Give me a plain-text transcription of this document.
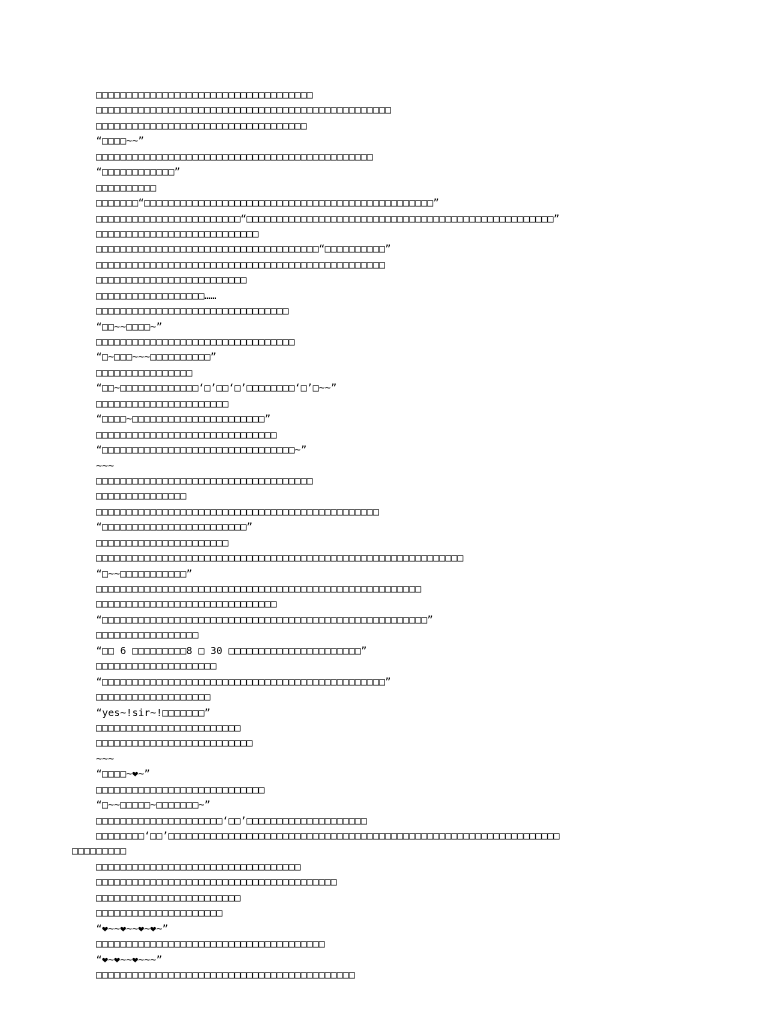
□□□□□□□□□□□□□□□□□□□□□□□□□□□□□□□□□□□□
□□□□□□□□□□□□□□□□□□□□□□□□□□□□□□□□□□□□□□□□□□□□□□□□□
□□□□□□□□□□□□□□□□□□□□□□□□□□□□□□□□□□□
“□□□□~~”
□□□□□□□□□□□□□□□□□□□□□□□□□□□□□□□□□□□□□□□□□□□□□□
“□□□□□□□□□□□□”
□□□□□□□□□□
□□□□□□□“□□□□□□□□□□□□□□□□□□□□□□□□□□□□□□□□□□□□□□□□□□□□□□□□”
□□□□□□□□□□□□□□□□□□□□□□□□“□□□□□□□□□□□□□□□□□□□□□□□□□□□□□□□□□□□□□□□□□□□□□□□□□□□”
□□□□□□□□□□□□□□□□□□□□□□□□□□□
□□□□□□□□□□□□□□□□□□□□□□□□□□□□□□□□□□□□□“□□□□□□□□□□”
□□□□□□□□□□□□□□□□□□□□□□□□□□□□□□□□□□□□□□□□□□□□□□□□
□□□□□□□□□□□□□□□□□□□□□□□□□
□□□□□□□□□□□□□□□□□□……
□□□□□□□□□□□□□□□□□□□□□□□□□□□□□□□□
“□□~~□□□□~”
□□□□□□□□□□□□□□□□□□□□□□□□□□□□□□□□□
“□~□□□~~~□□□□□□□□□□”
□□□□□□□□□□□□□□□□
“□□~□□□□□□□□□□□□□‘□’□□‘□’□□□□□□□□‘□’□~~”
□□□□□□□□□□□□□□□□□□□□□□
“□□□□~□□□□□□□□□□□□□□□□□□□□□□”
□□□□□□□□□□□□□□□□□□□□□□□□□□□□□□
“□□□□□□□□□□□□□□□□□□□□□□□□□□□□□□□□~”
~~~
□□□□□□□□□□□□□□□□□□□□□□□□□□□□□□□□□□□□
□□□□□□□□□□□□□□□
□□□□□□□□□□□□□□□□□□□□□□□□□□□□□□□□□□□□□□□□□□□□□□□
“□□□□□□□□□□□□□□□□□□□□□□□□”
□□□□□□□□□□□□□□□□□□□□□□
□□□□□□□□□□□□□□□□□□□□□□□□□□□□□□□□□□□□□□□□□□□□□□□□□□□□□□□□□□□□□
“□~~□□□□□□□□□□□”
□□□□□□□□□□□□□□□□□□□□□□□□□□□□□□□□□□□□□□□□□□□□□□□□□□□□□□
□□□□□□□□□□□□□□□□□□□□□□□□□□□□□□
“□□□□□□□□□□□□□□□□□□□□□□□□□□□□□□□□□□□□□□□□□□□□□□□□□□□□□□”
□□□□□□□□□□□□□□□□□
“□□ 6 □□□□□□□□□8 □ 30 □□□□□□□□□□□□□□□□□□□□□□”
□□□□□□□□□□□□□□□□□□□□
“□□□□□□□□□□□□□□□□□□□□□□□□□□□□□□□□□□□□□□□□□□□□□□□”
□□□□□□□□□□□□□□□□□□□
“yes~!sir~!□□□□□□□”
□□□□□□□□□□□□□□□□□□□□□□□□
□□□□□□□□□□□□□□□□□□□□□□□□□□
~~~
“□□□□~❤~”
□□□□□□□□□□□□□□□□□□□□□□□□□□□□
“□~~□□□□□~□□□□□□□~”
□□□□□□□□□□□□□□□□□□□□□‘□□’□□□□□□□□□□□□□□□□□□□□
□□□□□□□□‘□□’□□□□□□□□□□□□□□□□□□□□□□□□□□□□□□□□□□□□□□□□□□□□□□□□□□□□□□□□□□□□□□□□□
□□□□□□□□□
□□□□□□□□□□□□□□□□□□□□□□□□□□□□□□□□□□
□□□□□□□□□□□□□□□□□□□□□□□□□□□□□□□□□□□□□□□□
□□□□□□□□□□□□□□□□□□□□□□□□
□□□□□□□□□□□□□□□□□□□□□
“❤~~❤~~❤~❤~”
□□□□□□□□□□□□□□□□□□□□□□□□□□□□□□□□□□□□□□
“❤~❤~~❤~~~”
□□□□□□□□□□□□□□□□□□□□□□□□□□□□□□□□□□□□□□□□□□□
